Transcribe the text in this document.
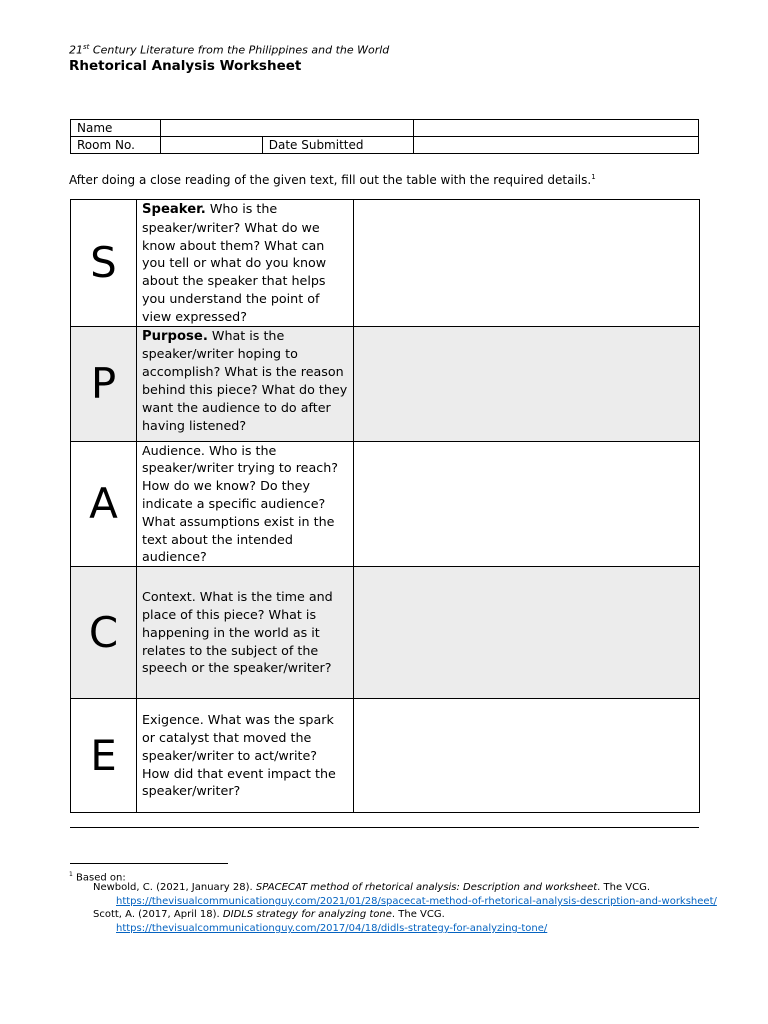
21st Century Literature from the Philippines and the World
Rhetorical Analysis Worksheet
Name			
Room No.		Date Submitted	
After doing a close reading of the given text, fill out the table with the required details.$^1$
S	Speaker. Who is the speaker/writer? What do we know about them? What can you tell or what do you know about the speaker that helps you understand the point of view expressed?	
P	Purpose. What is the speaker/writer hoping to accomplish? What is the reason behind this piece? What do they want the audience to do after having listened?	
A	Audience. Who is the speaker/writer trying to reach? How do we know? Do they indicate a specific audience? What assumptions exist in the text about the intended audience?	
C	Context. What is the time and place of this piece? What is happening in the world as it relates to the subject of the speech or the speaker/writer?	
E	Exigence. What was the spark or catalyst that moved the speaker/writer to act/write? How did that event impact the speaker/writer?	
$^1$ Based on:
Newbold, C. (2021, January 28). SPACECAT method of rhetorical analysis: Description and worksheet. The VCG.
https://thevisualcommunicationguy.com/2021/01/28/spacecat-method-of-rhetorical-analysis-description-and-worksheet/
Scott, A. (2017, April 18). DIDLS strategy for analyzing tone. The VCG.
https://thevisualcommunicationguy.com/2017/04/18/didls-strategy-for-analyzing-tone/
